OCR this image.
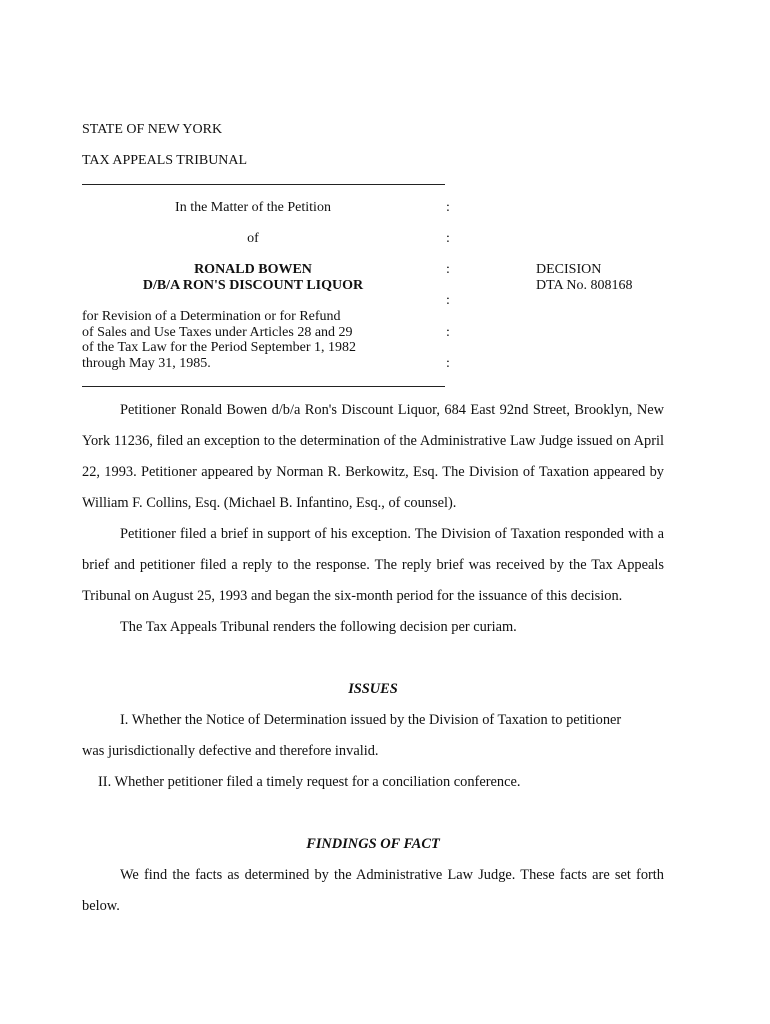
STATE OF NEW YORK
TAX APPEALS TRIBUNAL
In the Matter of the Petition
of
RONALD BOWEN
D/B/A RON'S DISCOUNT LIQUOR
for Revision of a Determination or for Refund
of Sales and Use Taxes under Articles 28 and 29
of the Tax Law for the Period September 1, 1982
through May 31, 1985.
:
:
:
:
:
:
DECISION
DTA No. 808168

Petitioner Ronald Bowen d/b/a Ron's Discount Liquor, 684 East 92nd Street, Brooklyn, New York 11236, filed an exception to the determination of the Administrative Law Judge issued on April 22, 1993. Petitioner appeared by Norman R. Berkowitz, Esq. The Division of Taxation appeared by William F. Collins, Esq. (Michael B. Infantino, Esq., of counsel).

Petitioner filed a brief in support of his exception. The Division of Taxation responded with a brief and petitioner filed a reply to the response. The reply brief was received by the Tax Appeals Tribunal on August 25, 1993 and began the six-month period for the issuance of this decision.

The Tax Appeals Tribunal renders the following decision per curiam.

ISSUES
I. Whether the Notice of Determination issued by the Division of Taxation to petitioner
was jurisdictionally defective and therefore invalid.
II. Whether petitioner filed a timely request for a conciliation conference.
FINDINGS OF FACT

We find the facts as determined by the Administrative Law Judge. These facts are set forth below.
